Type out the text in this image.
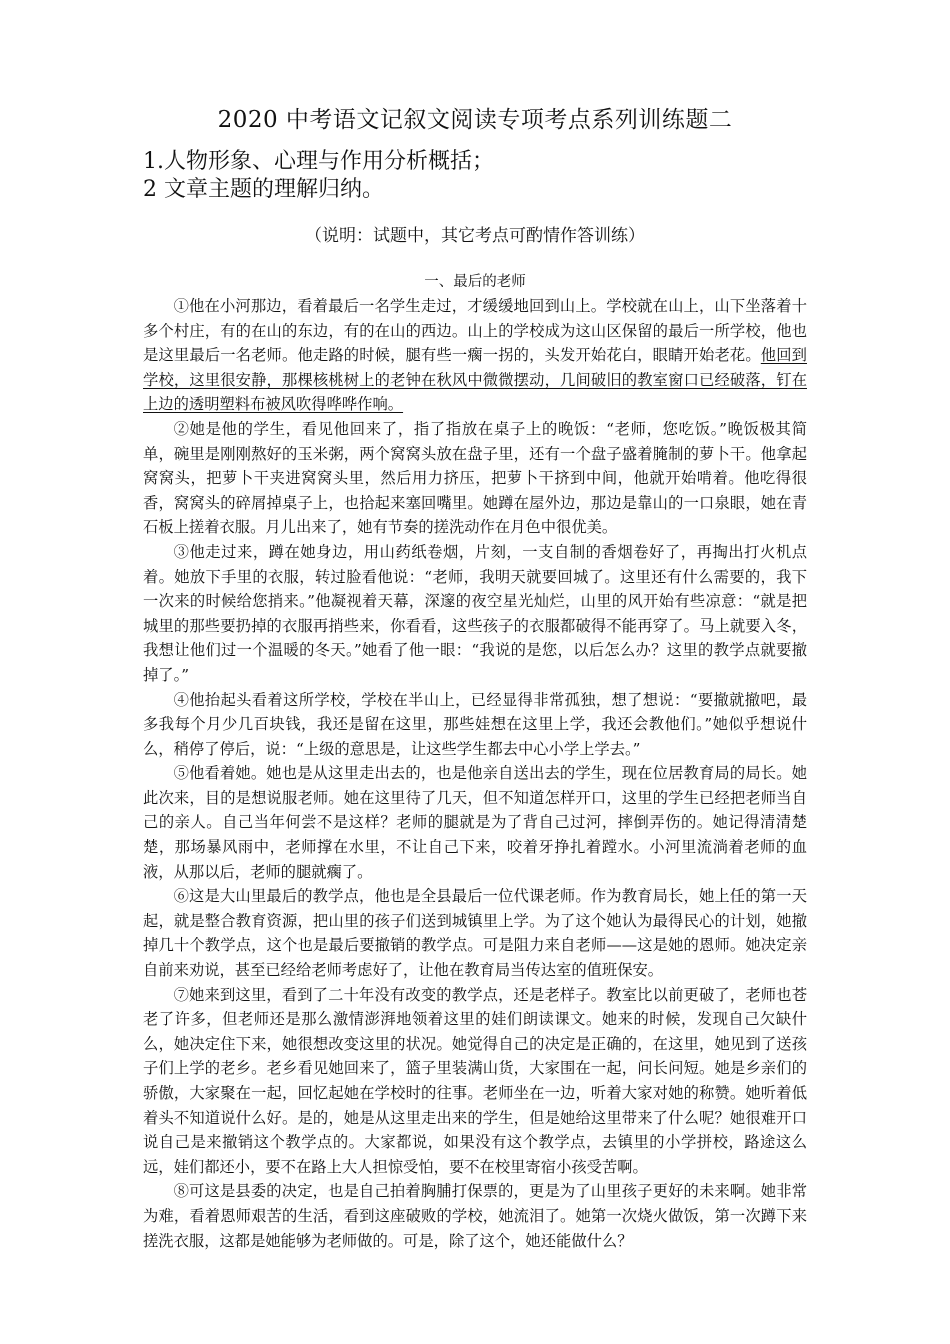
2020 中考语文记叙文阅读专项考点系列训练题二
1.人物形象、心理与作用分析概括；
2 文章主题的理解归纳。
（说明：试题中，其它考点可酌情作答训练）
一、最后的老师

①他在小河那边，看着最后一名学生走过，才缓缓地回到山上。学校就在山上，山下坐落着十多个村庄，有的在山的东边，有的在山的西边。山上的学校成为这山区保留的最后一所学校，他也是这里最后一名老师。他走路的时候，腿有些一瘸一拐的，头发开始花白，眼睛开始老花。他回到学校，这里很安静，那棵核桃树上的老钟在秋风中微微摆动，几间破旧的教室窗口已经破落，钉在上边的透明塑料布被风吹得哗哗作响。

②她是他的学生，看见他回来了，指了指放在桌子上的晚饭：“老师，您吃饭。”晚饭极其简单，碗里是刚刚熬好的玉米粥，两个窝窝头放在盘子里，还有一个盘子盛着腌制的萝卜干。他拿起窝窝头，把萝卜干夹进窝窝头里，然后用力挤压，把萝卜干挤到中间，他就开始啃着。他吃得很香，窝窝头的碎屑掉桌子上，也拾起来塞回嘴里。她蹲在屋外边，那边是靠山的一口泉眼，她在青石板上搓着衣服。月儿出来了，她有节奏的搓洗动作在月色中很优美。

③他走过来，蹲在她身边，用山药纸卷烟，片刻，一支自制的香烟卷好了，再掏出打火机点着。她放下手里的衣服，转过脸看他说：“老师，我明天就要回城了。这里还有什么需要的，我下一次来的时候给您捎来。”他凝视着天幕，深邃的夜空星光灿烂，山里的风开始有些凉意：“就是把城里的那些要扔掉的衣服再捎些来，你看看，这些孩子的衣服都破得不能再穿了。马上就要入冬，我想让他们过一个温暖的冬天。”她看了他一眼：“我说的是您，以后怎么办？这里的教学点就要撤掉了。”

④他抬起头看着这所学校，学校在半山上，已经显得非常孤独，想了想说：“要撤就撤吧，最多我每个月少几百块钱，我还是留在这里，那些娃想在这里上学，我还会教他们。”她似乎想说什么，稍停了停后，说：“上级的意思是，让这些学生都去中心小学上学去。”

⑤他看着她。她也是从这里走出去的，也是他亲自送出去的学生，现在位居教育局的局长。她此次来，目的是想说服老师。她在这里待了几天，但不知道怎样开口，这里的学生已经把老师当自己的亲人。自己当年何尝不是这样？老师的腿就是为了背自己过河，摔倒弄伤的。她记得清清楚楚，那场暴风雨中，老师撑在水里，不让自己下来，咬着牙挣扎着蹚水。小河里流淌着老师的血液，从那以后，老师的腿就瘸了。

⑥这是大山里最后的教学点，他也是全县最后一位代课老师。作为教育局长，她上任的第一天起，就是整合教育资源，把山里的孩子们送到城镇里上学。为了这个她认为最得民心的计划，她撤掉几十个教学点，这个也是最后要撤销的教学点。可是阻力来自老师——这是她的恩师。她决定亲自前来劝说，甚至已经给老师考虑好了，让他在教育局当传达室的值班保安。

⑦她来到这里，看到了二十年没有改变的教学点，还是老样子。教室比以前更破了，老师也苍老了许多，但老师还是那么激情澎湃地领着这里的娃们朗读课文。她来的时候，发现自己欠缺什么，她决定住下来，她很想改变这里的状况。她觉得自己的决定是正确的，在这里，她见到了送孩子们上学的老乡。老乡看见她回来了，篮子里装满山货，大家围在一起，问长问短。她是乡亲们的骄傲，大家聚在一起，回忆起她在学校时的往事。老师坐在一边，听着大家对她的称赞。她听着低着头不知道说什么好。是的，她是从这里走出来的学生，但是她给这里带来了什么呢？她很难开口说自己是来撤销这个教学点的。大家都说，如果没有这个教学点，去镇里的小学拼校，路途这么远，娃们都还小，要不在路上大人担惊受怕，要不在校里寄宿小孩受苦啊。

⑧可这是县委的决定，也是自己拍着胸脯打保票的，更是为了山里孩子更好的未来啊。她非常为难，看着恩师艰苦的生活，看到这座破败的学校，她流泪了。她第一次烧火做饭，第一次蹲下来搓洗衣服，这都是她能够为老师做的。可是，除了这个，她还能做什么？
